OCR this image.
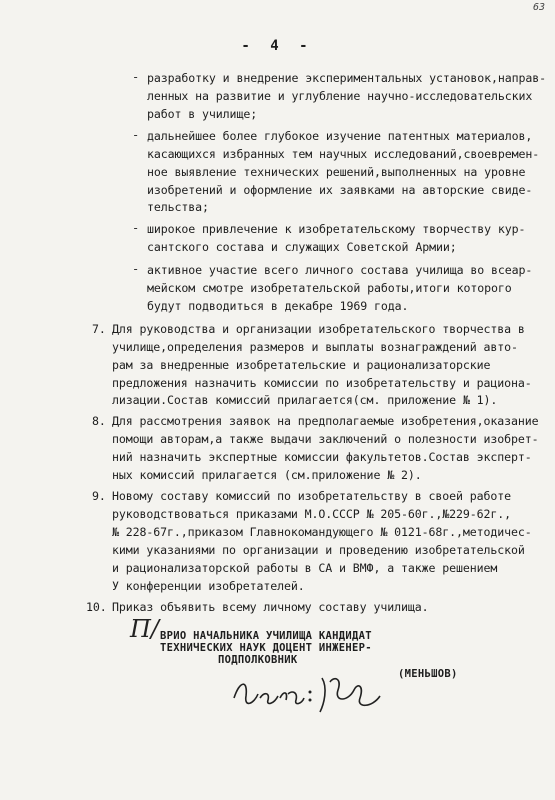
63
- 4 -
- разработку и внедрение экспериментальных установок,направ-
ленных на развитие и углубление научно-исследовательских
работ в училище;
- дальнейшее более глубокое изучение патентных материалов,
касающихся избранных тем научных исследований,своевремен-
ное выявление технических решений,выполненных на уровне
изобретений и оформление их заявками на авторские свиде-
тельства;
- широкое привлечение к изобретательскому творчеству кур-
сантского состава и служащих Советской Армии;
- активное участие всего личного состава училища во всеар-
мейском смотре изобретательской работы,итоги которого
будут подводиться в декабре 1969 года.
7. Для руководства и организации изобретательского творчества в
училище,определения размеров и выплаты вознаграждений авто-
рам за внедренные изобретательские и рационализаторские
предложения назначить комиссии по изобретательству и рациона-
лизации.Состав комиссий прилагается(см. приложение № 1).
8. Для рассмотрения заявок на предполагаемые изобретения,оказание
помощи авторам,а также выдачи заключений о полезности изобрет-
ний назначить экспертные комиссии факультетов.Состав эксперт-
ных комиссий прилагается (см.приложение № 2).
9. Новому составу комиссий по изобретательству в своей работе
руководствоваться приказами М.О.СССР № 205-60г.,№229-62г.,
№ 228-67г.,приказом Главнокомандующего № 0121-68г.,методичес-
кими указаниями по организации и проведению изобретательской
и рационализаторской работы в СА и ВМФ, а также решением
У конференции изобретателей.
10. Приказ объявить всему личному составу училища.
П/ ВРИО НАЧАЛЬНИКА УЧИЛИЩА КАНДИДАТ
ТЕХНИЧЕСКИХ НАУК ДОЦЕНТ ИНЖЕНЕР-
ПОДПОЛКОВНИК
(МЕНЬШОВ)
